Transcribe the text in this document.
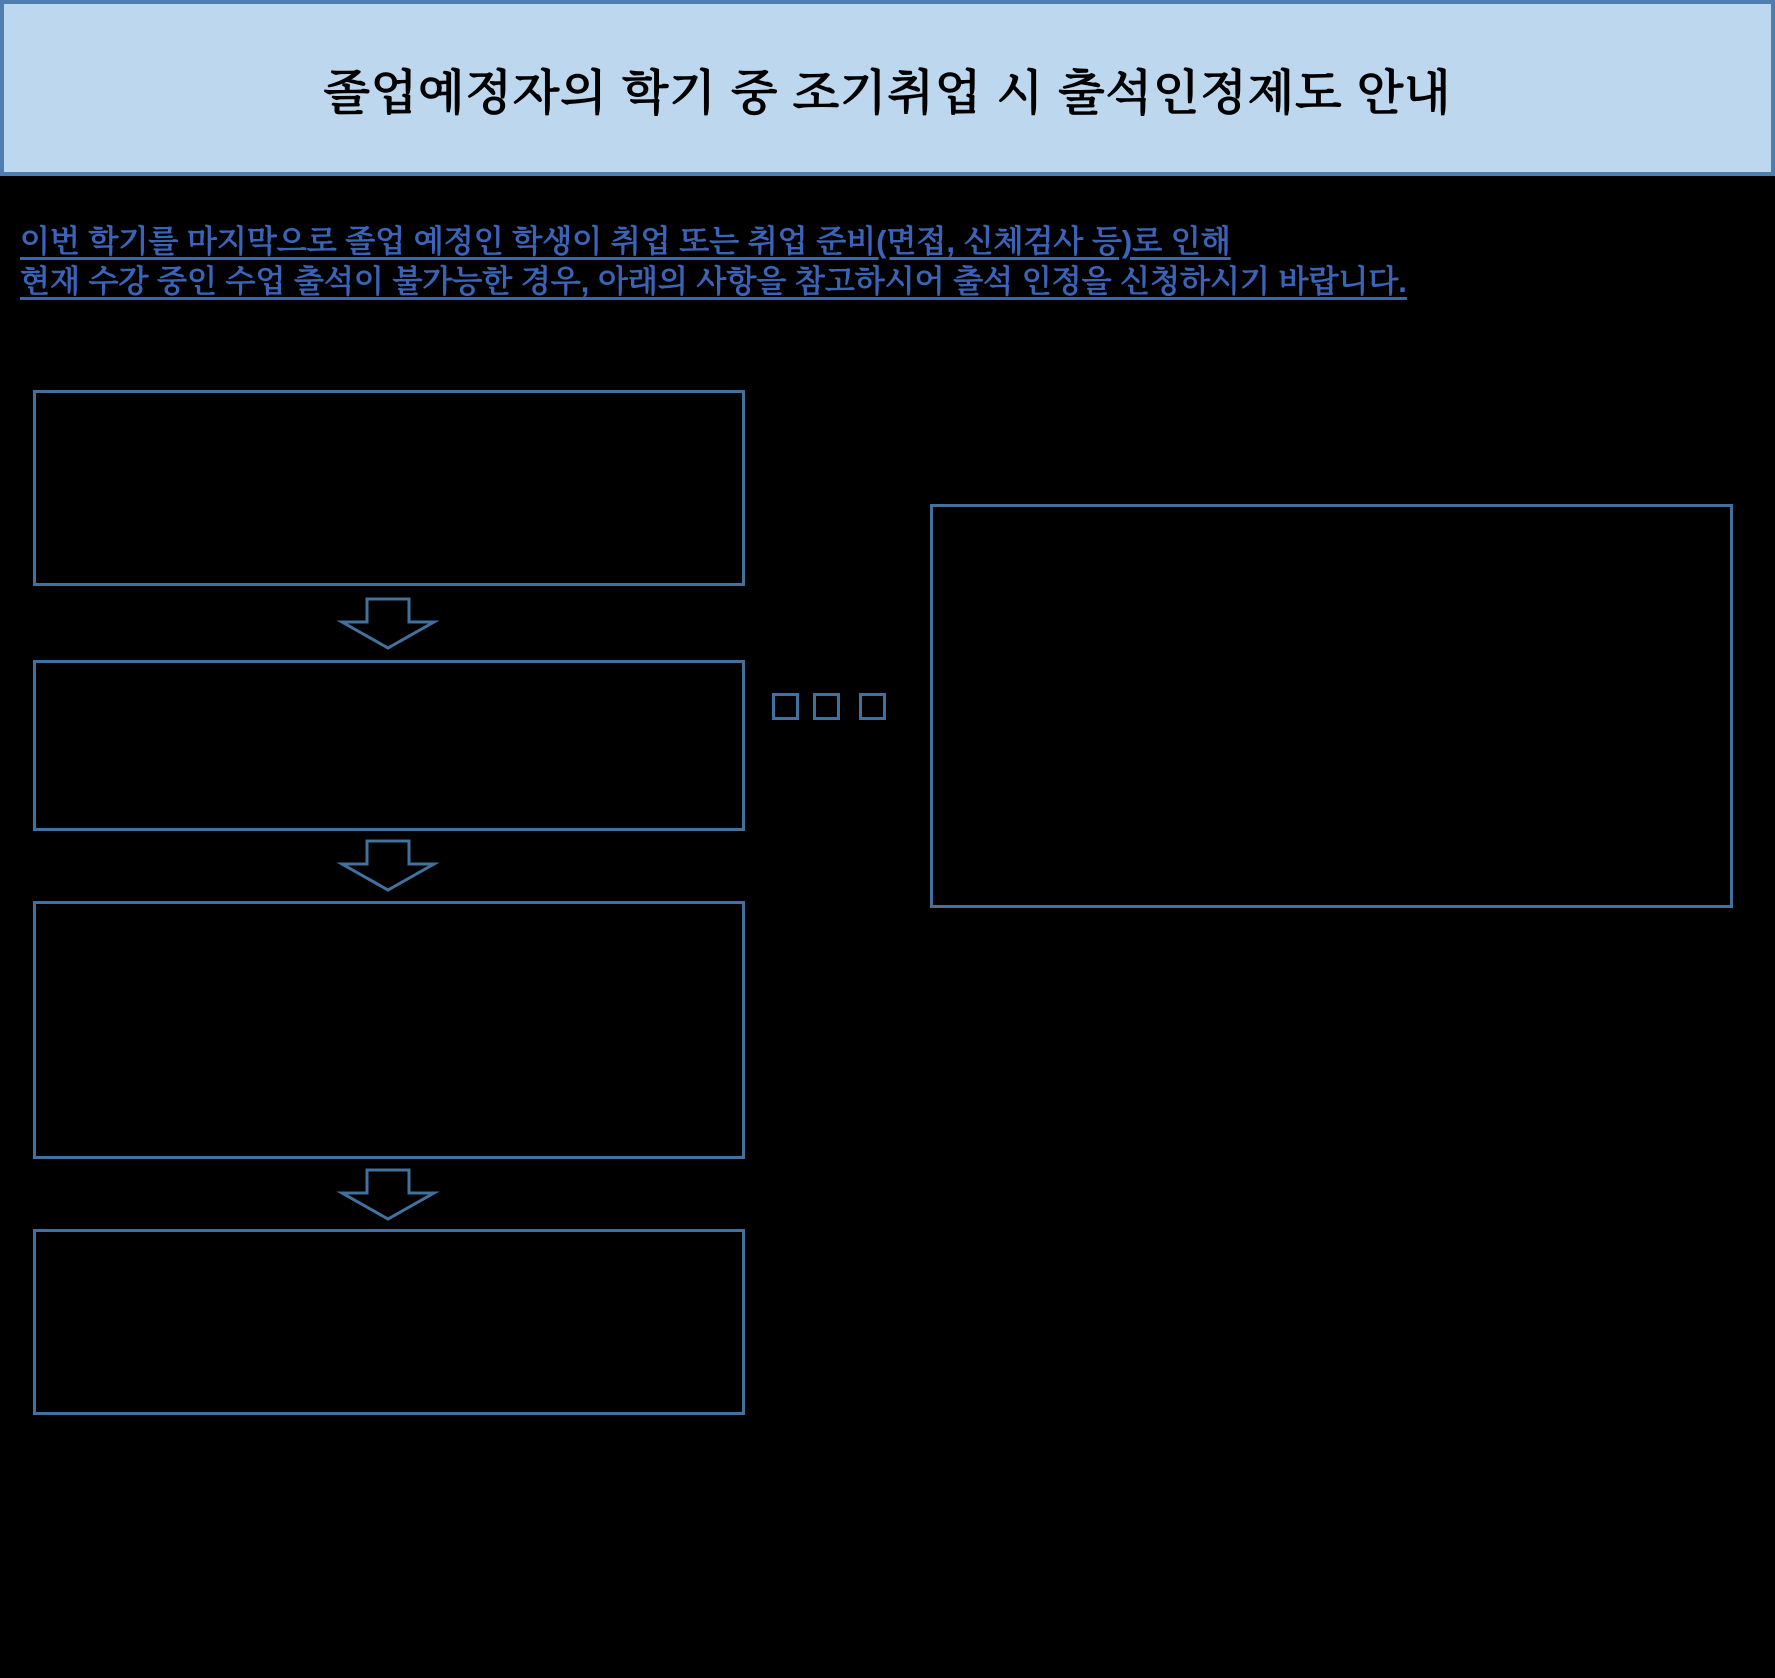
졸업예정자의 학기 중 조기취업 시 출석인정제도 안내
이번 학기를 마지막으로 졸업 예정인 학생이 취업 또는 취업 준비(면접, 신체검사 등)로 인해
현재 수강 중인 수업 출석이 불가능한 경우, 아래의 사항을 참고하시어 출석 인정을 신청하시기 바랍니다.
